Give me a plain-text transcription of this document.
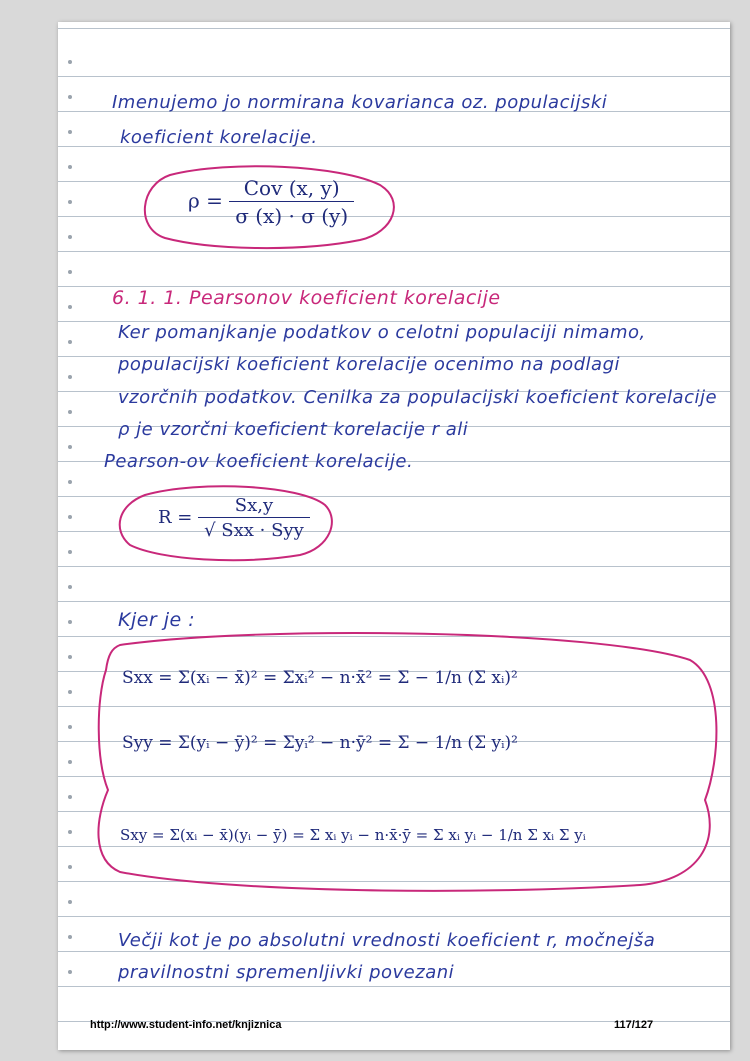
Imenujemo jo normirana kovarianca oz. populacijski
koeficient korelacije.
$\rho = \frac{\text{Cov (x, y)}}{\sigma (x) \cdot \sigma (y)}$
6. 1. 1. Pearsonov koeficient korelacije
Ker pomanjkanje podatkov o celotni populaciji nimamo,
populacijski koeficient korelacije ocenimo na podlagi
vzorčnih podatkov. Cenilka za populacijski koeficient korelacije
ρ je vzorčni koeficient korelacije r ali
Pearson-ov koeficient korelacije.
$R = \frac{Sx,y}{\text{√ Sxx · Syy}}$
Kjer je :
Sxx = Σ(xᵢ − x̄)² = Σxᵢ² − n·x̄² = Σ − 1/n (Σ xᵢ)²
Syy = Σ(yᵢ − ȳ)² = Σyᵢ² − n·ȳ² = Σ − 1/n (Σ yᵢ)²
Sxy = Σ(xᵢ − x̄)(yᵢ − ȳ) = Σ xᵢ yᵢ − n·x̄·ȳ = Σ xᵢ yᵢ − 1/n Σ xᵢ Σ yᵢ
Večji kot je po absolutni vrednosti koeficient r, močnejša
pravilnostni spremenljivki povezani
http://www.student-info.net/knjiznica	117/127
